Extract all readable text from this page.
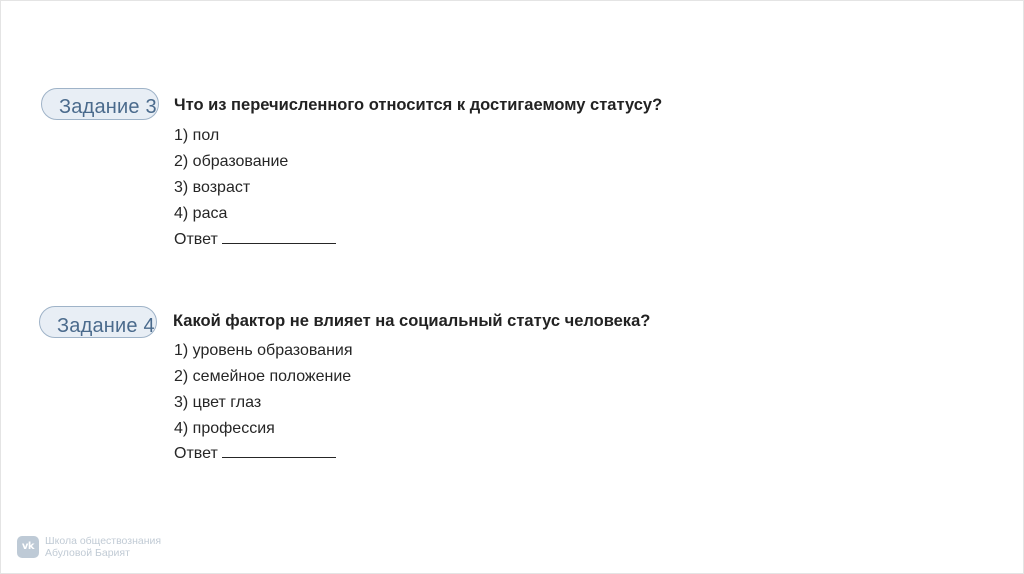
Задание 3 Что из перечисленного относится к достигаемому статусу?
1) пол
2) образование
3) возраст
4) раса
Ответ
Задание 4 Какой фактор не влияет на социальный статус человека?
1) уровень образования
2) семейное положение
3) цвет глаз
4) профессия
Ответ
vk	Школа обществознания
Абуловой Барият
